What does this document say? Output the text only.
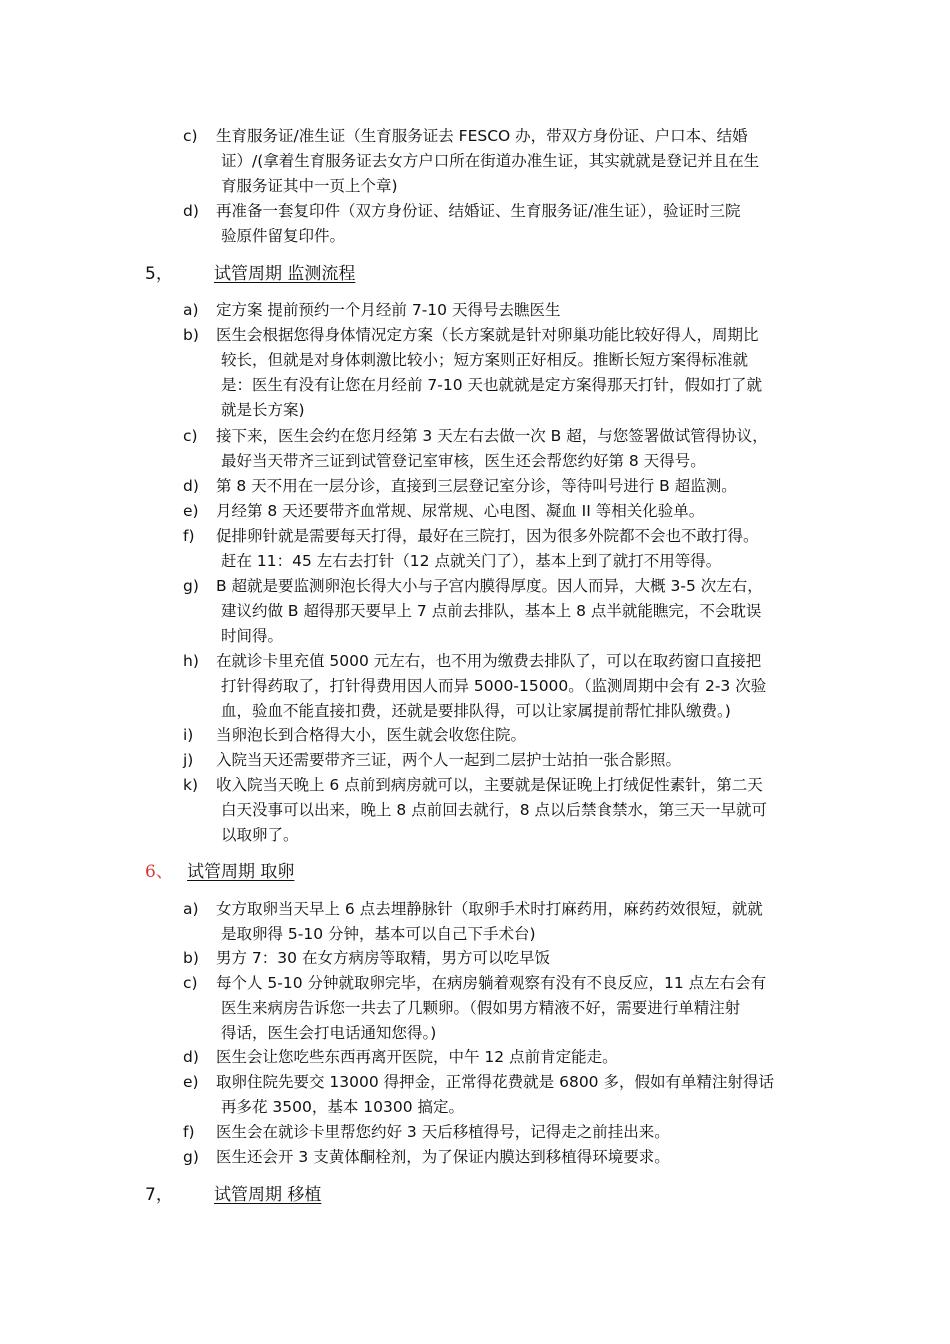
c) 生育服务证/准生证（生育服务证去 FESCO 办，带双方身份证、户口本、结婚
证）/(拿着生育服务证去女方户口所在街道办准生证，其实就就是登记并且在生
育服务证其中一页上个章)
d) 再准备一套复印件（双方身份证、结婚证、生育服务证/准生证），验证时三院
验原件留复印件。
5， 试管周期 监测流程
a) 定方案 提前预约一个月经前 7-10 天得号去瞧医生
b) 医生会根据您得身体情况定方案（长方案就是针对卵巢功能比较好得人，周期比
较长，但就是对身体刺激比较小；短方案则正好相反。推断长短方案得标准就
是：医生有没有让您在月经前 7-10 天也就就是定方案得那天打针，假如打了就
就是长方案)
c) 接下来，医生会约在您月经第 3 天左右去做一次 B 超，与您签署做试管得协议，
最好当天带齐三证到试管登记室审核，医生还会帮您约好第 8 天得号。
d) 第 8 天不用在一层分诊，直接到三层登记室分诊，等待叫号进行 B 超监测。
e) 月经第 8 天还要带齐血常规、尿常规、心电图、凝血 II 等相关化验单。
f) 促排卵针就是需要每天打得，最好在三院打，因为很多外院都不会也不敢打得。
赶在 11：45 左右去打针（12 点就关门了），基本上到了就打不用等得。
g) B 超就是要监测卵泡长得大小与子宫内膜得厚度。因人而异，大概 3-5 次左右，
建议约做 B 超得那天要早上 7 点前去排队，基本上 8 点半就能瞧完，不会耽误
时间得。
h) 在就诊卡里充值 5000 元左右，也不用为缴费去排队了，可以在取药窗口直接把
打针得药取了，打针得费用因人而异 5000-15000。（监测周期中会有 2-3 次验
血，验血不能直接扣费，还就是要排队得，可以让家属提前帮忙排队缴费。)
i) 当卵泡长到合格得大小，医生就会收您住院。
j) 入院当天还需要带齐三证，两个人一起到二层护士站拍一张合影照。
k) 收入院当天晚上 6 点前到病房就可以，主要就是保证晚上打绒促性素针，第二天
白天没事可以出来，晚上 8 点前回去就行，8 点以后禁食禁水，第三天一早就可
以取卵了。
6、 试管周期 取卵
a) 女方取卵当天早上 6 点去埋静脉针（取卵手术时打麻药用，麻药药效很短，就就
是取卵得 5-10 分钟，基本可以自己下手术台)
b) 男方 7：30 在女方病房等取精，男方可以吃早饭
c) 每个人 5-10 分钟就取卵完毕，在病房躺着观察有没有不良反应，11 点左右会有
医生来病房告诉您一共去了几颗卵。（假如男方精液不好，需要进行单精注射
得话，医生会打电话通知您得。)
d) 医生会让您吃些东西再离开医院，中午 12 点前肯定能走。
e) 取卵住院先要交 13000 得押金，正常得花费就是 6800 多，假如有单精注射得话
再多花 3500，基本 10300 搞定。
f) 医生会在就诊卡里帮您约好 3 天后移植得号，记得走之前挂出来。
g) 医生还会开 3 支黄体酮栓剂，为了保证内膜达到移植得环境要求。
7， 试管周期 移植
